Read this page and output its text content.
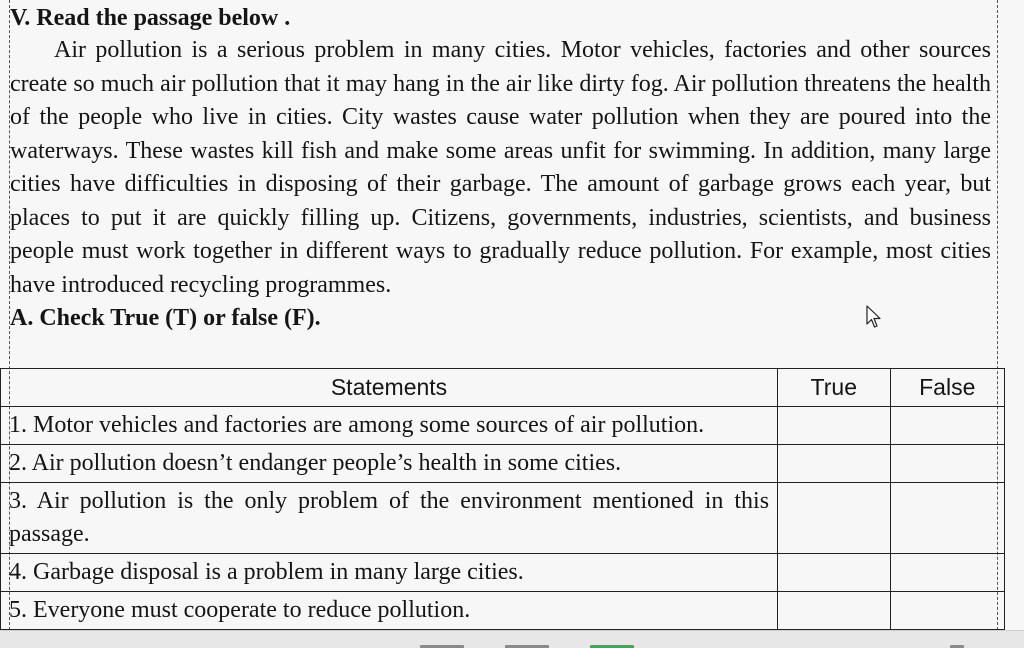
V. Read the passage below .

Air pollution is a serious problem in many cities. Motor vehicles, factories and other sources create so much air pollution that it may hang in the air like dirty fog. Air pollution threatens the health of the people who live in cities. City wastes cause water pollution when they are poured into the waterways. These wastes kill fish and make some areas unfit for swimming. In addition, many large cities have difficulties in disposing of their garbage. The amount of garbage grows each year, but places to put it are quickly filling up. Citizens, governments, industries, scientists, and business people must work together in different ways to gradually reduce pollution. For example, most cities have introduced recycling programmes.

A. Check True (T) or false (F).

Statements	True	False
1. Motor vehicles and factories are among some sources of air pollution.		
2. Air pollution doesn’t endanger people’s health in some cities.		
3. Air pollution is the only problem of the environment mentioned in this passage.		
4. Garbage disposal is a problem in many large cities.		
5. Everyone must cooperate to reduce pollution.		
